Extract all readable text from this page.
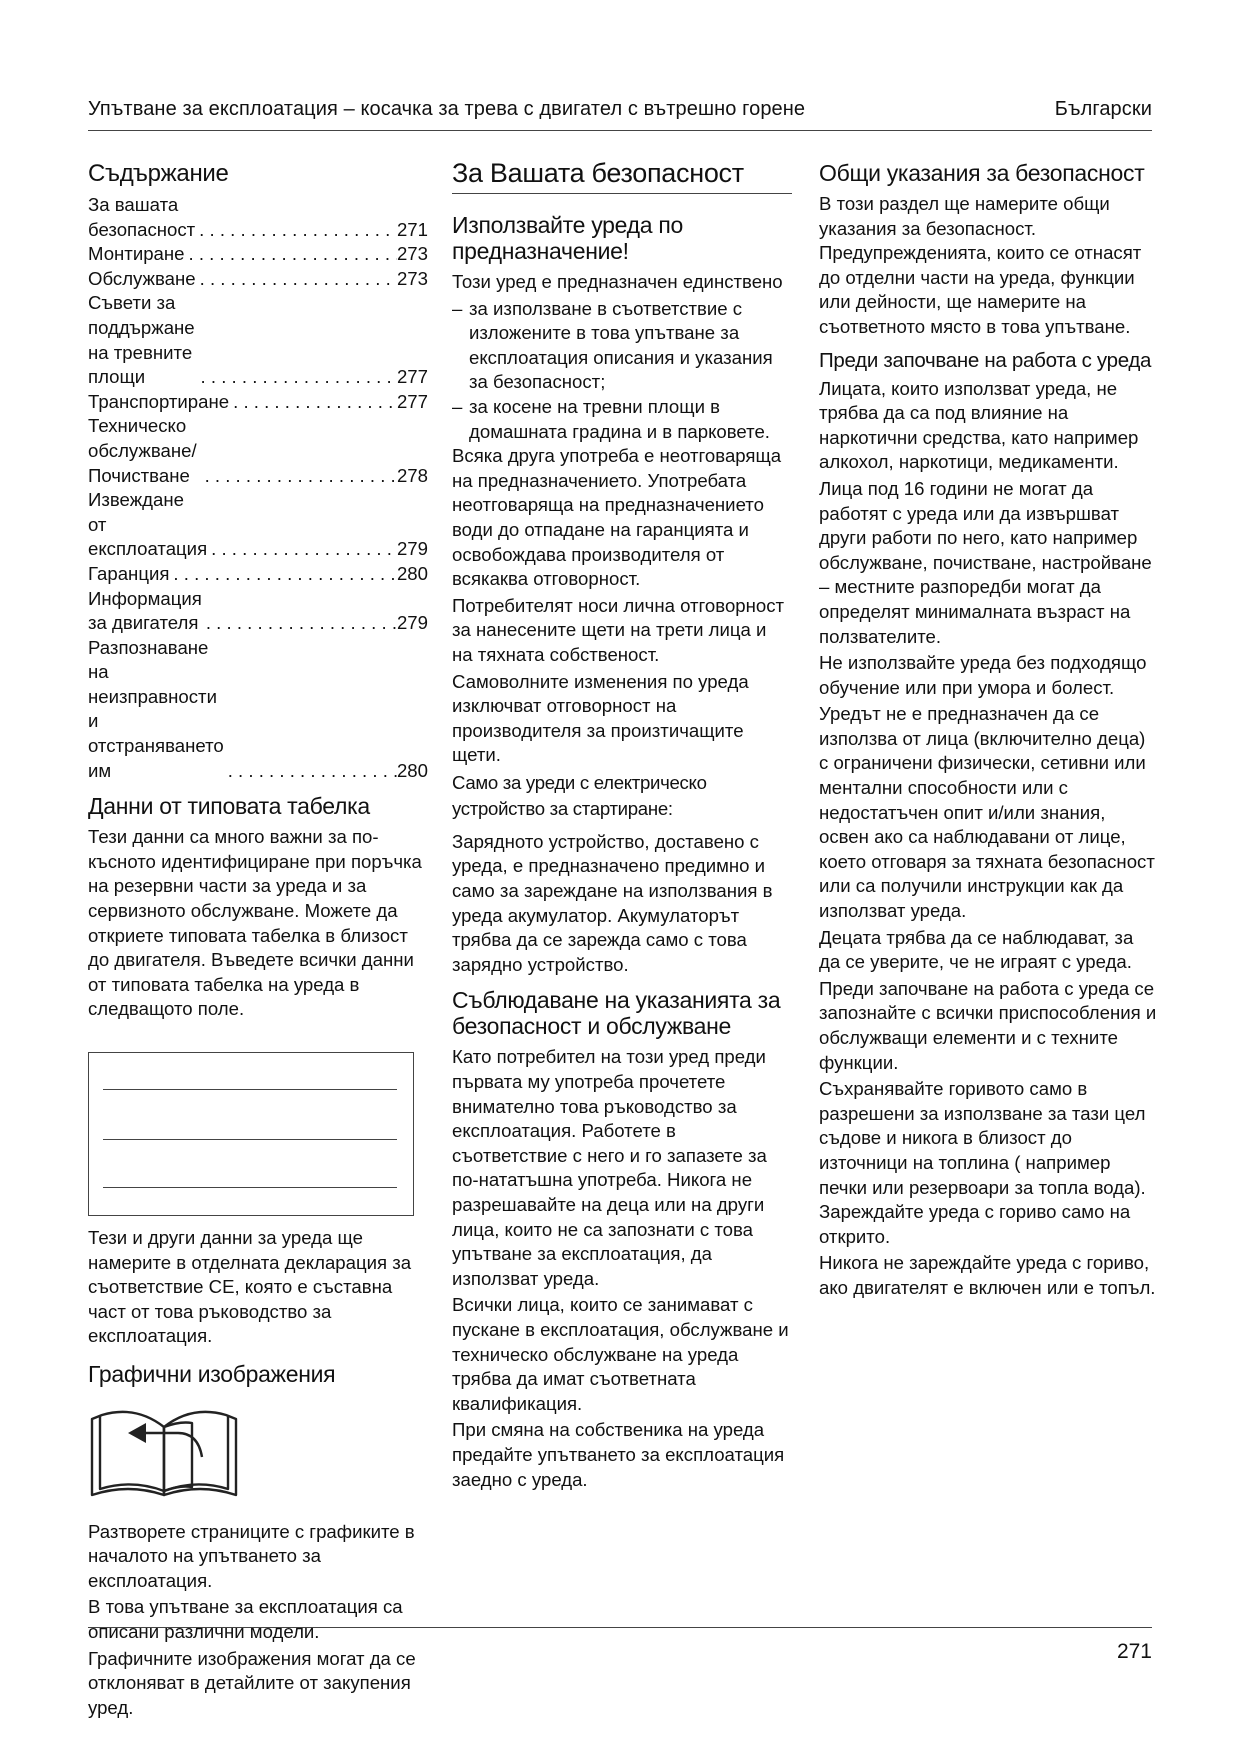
Упътване за експлоатация – косачка за трева с двигател с вътрешно горене	Български
Съдържание
За вашата безопасност . . .	271
Монтиране . . .	273
Обслужване . . .	273
Съвети за поддържане на тревните площи . . .	277
Транспортиране . . .	277
Техническо обслужване/ Почистване . . .	278
Извеждане от експлоатация . . .	279
Гаранция . . .	280
Информация за двигателя . . .	279
Разпознаване на неизправности и отстраняването им . . .	280
Данни от типовата табелка

Тези данни са много важни за по-късното идентифициране при поръчка на резервни части за уреда и за сервизното обслужване. Можете да откриете типовата табелка в близост до двигателя. Въведете всички данни от типовата табелка на уреда в следващото поле.

Тези и други данни за уреда ще намерите в отделната декларация за съответствие CE, която е съставна част от това ръководство за експлоатация.

Графични изображения

Разтворете страниците с графиките в началото на упътването за експлоатация.

В това упътване за експлоатация са описани различни модели.

Графичните изображения могат да се отклоняват в детайлите от закупения уред.

За Вашата безопасност
Използвайте уреда по предназначение!

Този уред е предназначен единствено

– за използване в съответствие с изложените в това упътване за експлоатация описания и указания за безопасност;
– за косене на тревни площи в домашната градина и в парковете.

Всяка друга употреба е неотговаряща на предназначението. Употребата неотговаряща на предназначението води до отпадане на гаранцията и освобождава производителя от всякаква отговорност.

Потребителят носи лична отговорност за нанесените щети на трети лица и на тяхната собственост.

Самоволните изменения по уреда изключват отговорност на производителя за произтичащите щети.

Само за уреди с електрическо устройство за стартиране:

Зарядното устройство, доставено с уреда, е предназначено предимно и само за зареждане на използвания в уреда акумулатор. Акумулаторът трябва да се зарежда само с това зарядно устройство.

Съблюдаване на указанията за безопасност и обслужване

Като потребител на този уред преди първата му употреба прочетете внимателно това ръководство за експлоатация. Работете в съответствие с него и го запазете за по-нататъшна употреба. Никога не разрешавайте на деца или на други лица, които не са запознати с това упътване за експлоатация, да използват уреда.

Всички лица, които се занимават с пускане в експлоатация, обслужване и техническо обслужване на уреда трябва да имат съответната квалификация.

При смяна на собственика на уреда предайте упътването за експлоатация заедно с уреда.

Общи указания за безопасност

В този раздел ще намерите общи указания за безопасност. Предупрежденията, които се отнасят до отделни части на уреда, функции или дейности, ще намерите на съответното място в това упътване.

Преди започване на работа с уреда

Лицата, които използват уреда, не трябва да са под влияние на наркотични средства, като например алкохол, наркотици, медикаменти.

Лица под 16 години не могат да работят с уреда или да извършват други работи по него, като например обслужване, почистване, настройване – местните разпоредби могат да определят минималната възраст на ползвателите.

Не използвайте уреда без подходящо обучение или при умора и болест.

Уредът не е предназначен да се използва от лица (включително деца) с ограничени физически, сетивни или ментални способности или с недостатъчен опит и/или знания, освен ако са наблюдавани от лице, което отговаря за тяхната безопасност или са получили инструкции как да използват уреда.

Децата трябва да се наблюдават, за да се уверите, че не играят с уреда.

Преди започване на работа с уреда се запознайте с всички приспособления и обслужващи елементи и с техните функции.

Съхранявайте горивото само в разрешени за използване за тази цел съдове и никога в близост до източници на топлина ( например печки или резервоари за топла вода). Зареждайте уреда с гориво само на открито.

Никога не зареждайте уреда с гориво, ако двигателят е включен или е топъл.

271
